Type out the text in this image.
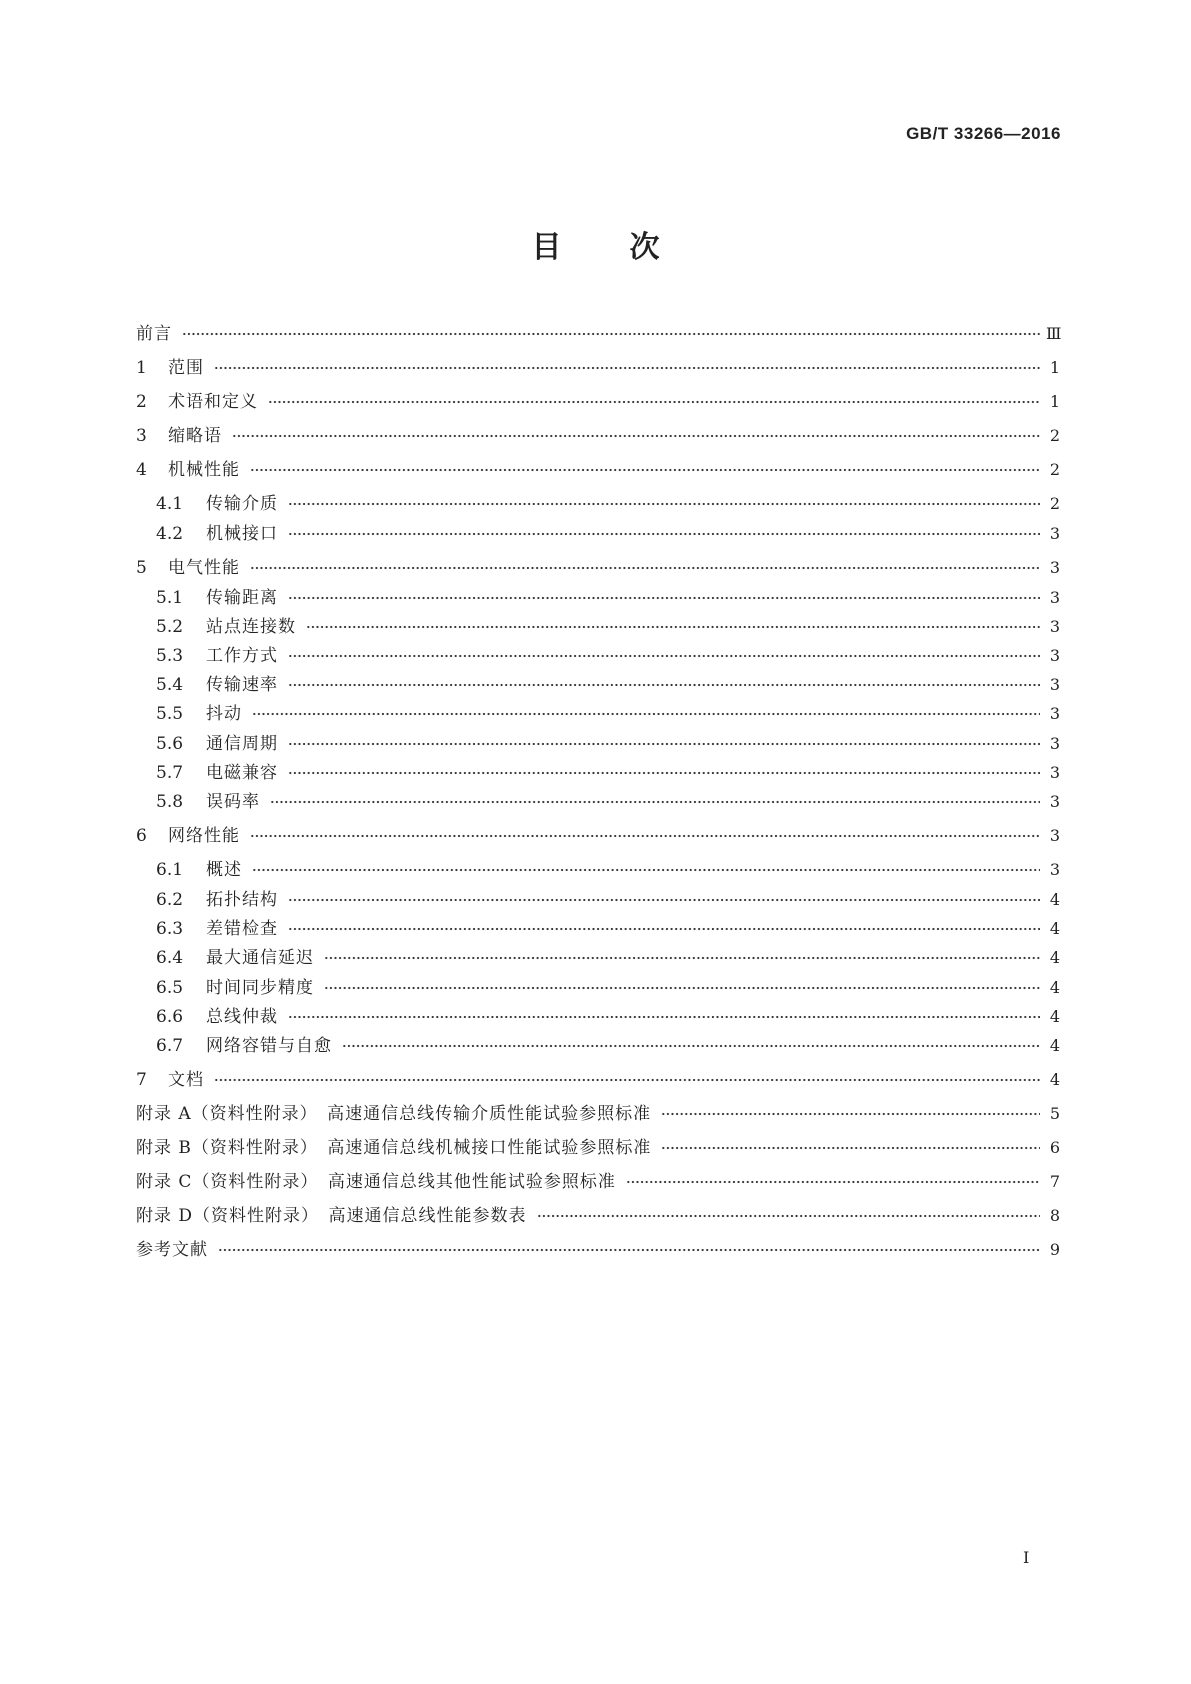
GB/T 33266—2016
目 次
前言	Ⅲ
1	范围	1
2	术语和定义	1
3	缩略语	2
4	机械性能	2
4.1	传输介质	2
4.2	机械接口	3
5	电气性能	3
5.1	传输距离	3
5.2	站点连接数	3
5.3	工作方式	3
5.4	传输速率	3
5.5	抖动	3
5.6	通信周期	3
5.7	电磁兼容	3
5.8	误码率	3
6	网络性能	3
6.1	概述	3
6.2	拓扑结构	4
6.3	差错检查	4
6.4	最大通信延迟	4
6.5	时间同步精度	4
6.6	总线仲裁	4
6.7	网络容错与自愈	4
7	文档	4
附录 A（资料性附录）　高速通信总线传输介质性能试验参照标准	5
附录 B（资料性附录）　高速通信总线机械接口性能试验参照标准	6
附录 C（资料性附录）　高速通信总线其他性能试验参照标准	7
附录 D（资料性附录）　高速通信总线性能参数表	8
参考文献	9
I
